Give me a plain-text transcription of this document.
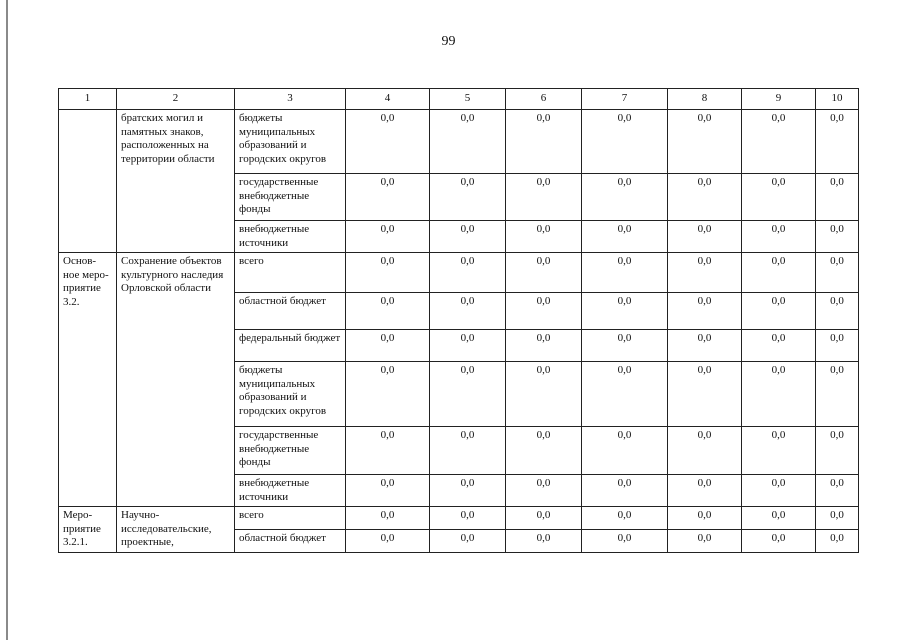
99
1	2	3	4	5	6	7	8	9	10
	братских могил и памятных знаков, расположенных на территории области	бюджеты муниципальных образований и городских округов	0,0	0,0	0,0	0,0	0,0	0,0	0,0
		государственные внебюджетные фонды	0,0	0,0	0,0	0,0	0,0	0,0	0,0
		внебюджетные источники	0,0	0,0	0,0	0,0	0,0	0,0	0,0
Основ-ное меро-приятие 3.2.	Сохранение объектов культурного наследия Орловской области	всего	0,0	0,0	0,0	0,0	0,0	0,0	0,0
		областной бюджет	0,0	0,0	0,0	0,0	0,0	0,0	0,0
		федеральный бюджет	0,0	0,0	0,0	0,0	0,0	0,0	0,0
		бюджеты муниципальных образований и городских округов	0,0	0,0	0,0	0,0	0,0	0,0	0,0
		государственные внебюджетные фонды	0,0	0,0	0,0	0,0	0,0	0,0	0,0
		внебюджетные источники	0,0	0,0	0,0	0,0	0,0	0,0	0,0
Меро-приятие 3.2.1.	Научно-исследовательские, проектные,	всего	0,0	0,0	0,0	0,0	0,0	0,0	0,0
		областной бюджет	0,0	0,0	0,0	0,0	0,0	0,0	0,0
